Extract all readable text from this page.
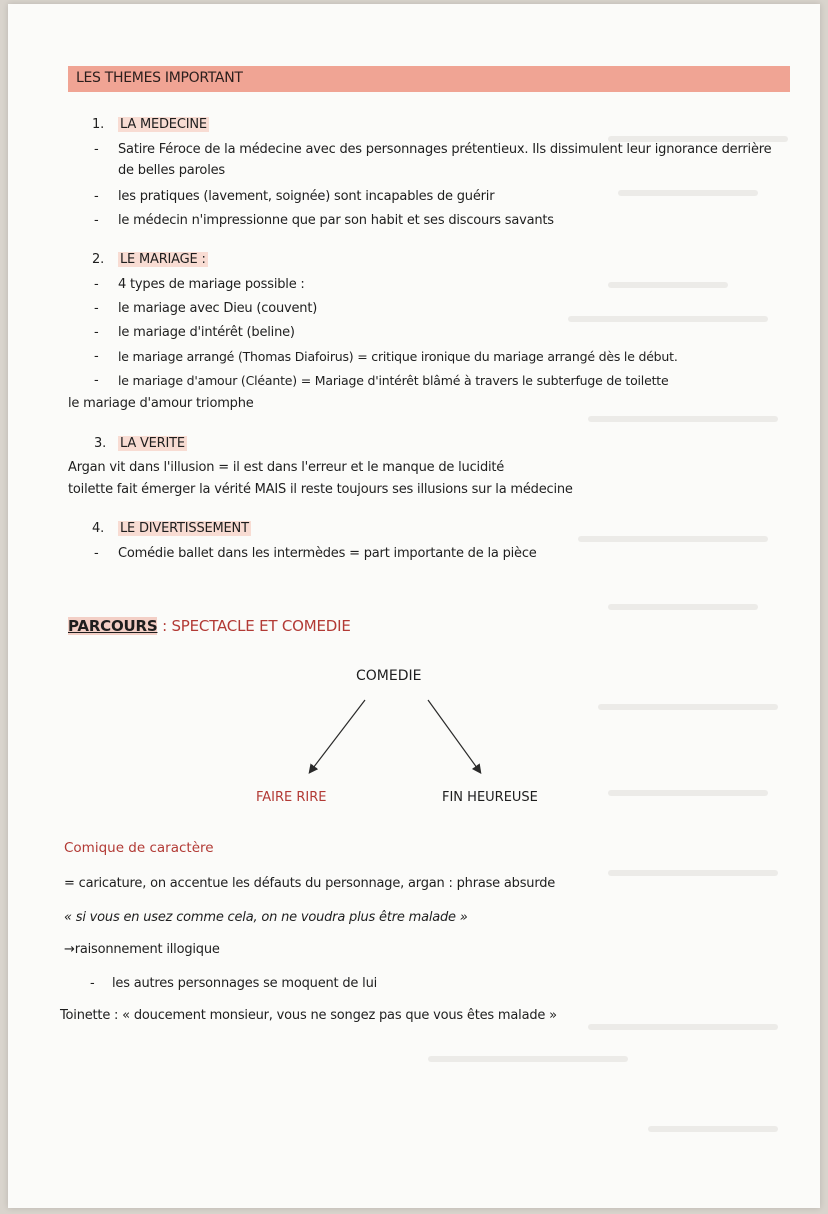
LES THEMES IMPORTANT
1. LA MEDECINE
- Satire Féroce de la médecine avec des personnages prétentieux. Ils dissimulent leur ignorance derrière
de belles paroles
- les pratiques (lavement, soignée) sont incapables de guérir
- le médecin n'impressionne que par son habit et ses discours savants
2. LE MARIAGE :
- 4 types de mariage possible :
- le mariage avec Dieu (couvent)
- le mariage d'intérêt (beline)
- le mariage arrangé (Thomas Diafoirus) = critique ironique du mariage arrangé dès le début.
- le mariage d'amour (Cléante) = Mariage d'intérêt blâmé à travers le subterfuge de toilette
le mariage d'amour triomphe
3. LA VERITE
Argan vit dans l'illusion = il est dans l'erreur et le manque de lucidité
toilette fait émerger la vérité MAIS il reste toujours ses illusions sur la médecine
4. LE DIVERTISSEMENT
- Comédie ballet dans les intermèdes = part importante de la pièce
PARCOURS : SPECTACLE ET COMEDIE
COMEDIE
FAIRE RIRE	FIN HEUREUSE
Comique de caractère
= caricature, on accentue les défauts du personnage, argan : phrase absurde
« si vous en usez comme cela, on ne voudra plus être malade »
→raisonnement illogique
- les autres personnages se moquent de lui
Toinette : « doucement monsieur, vous ne songez pas que vous êtes malade »
